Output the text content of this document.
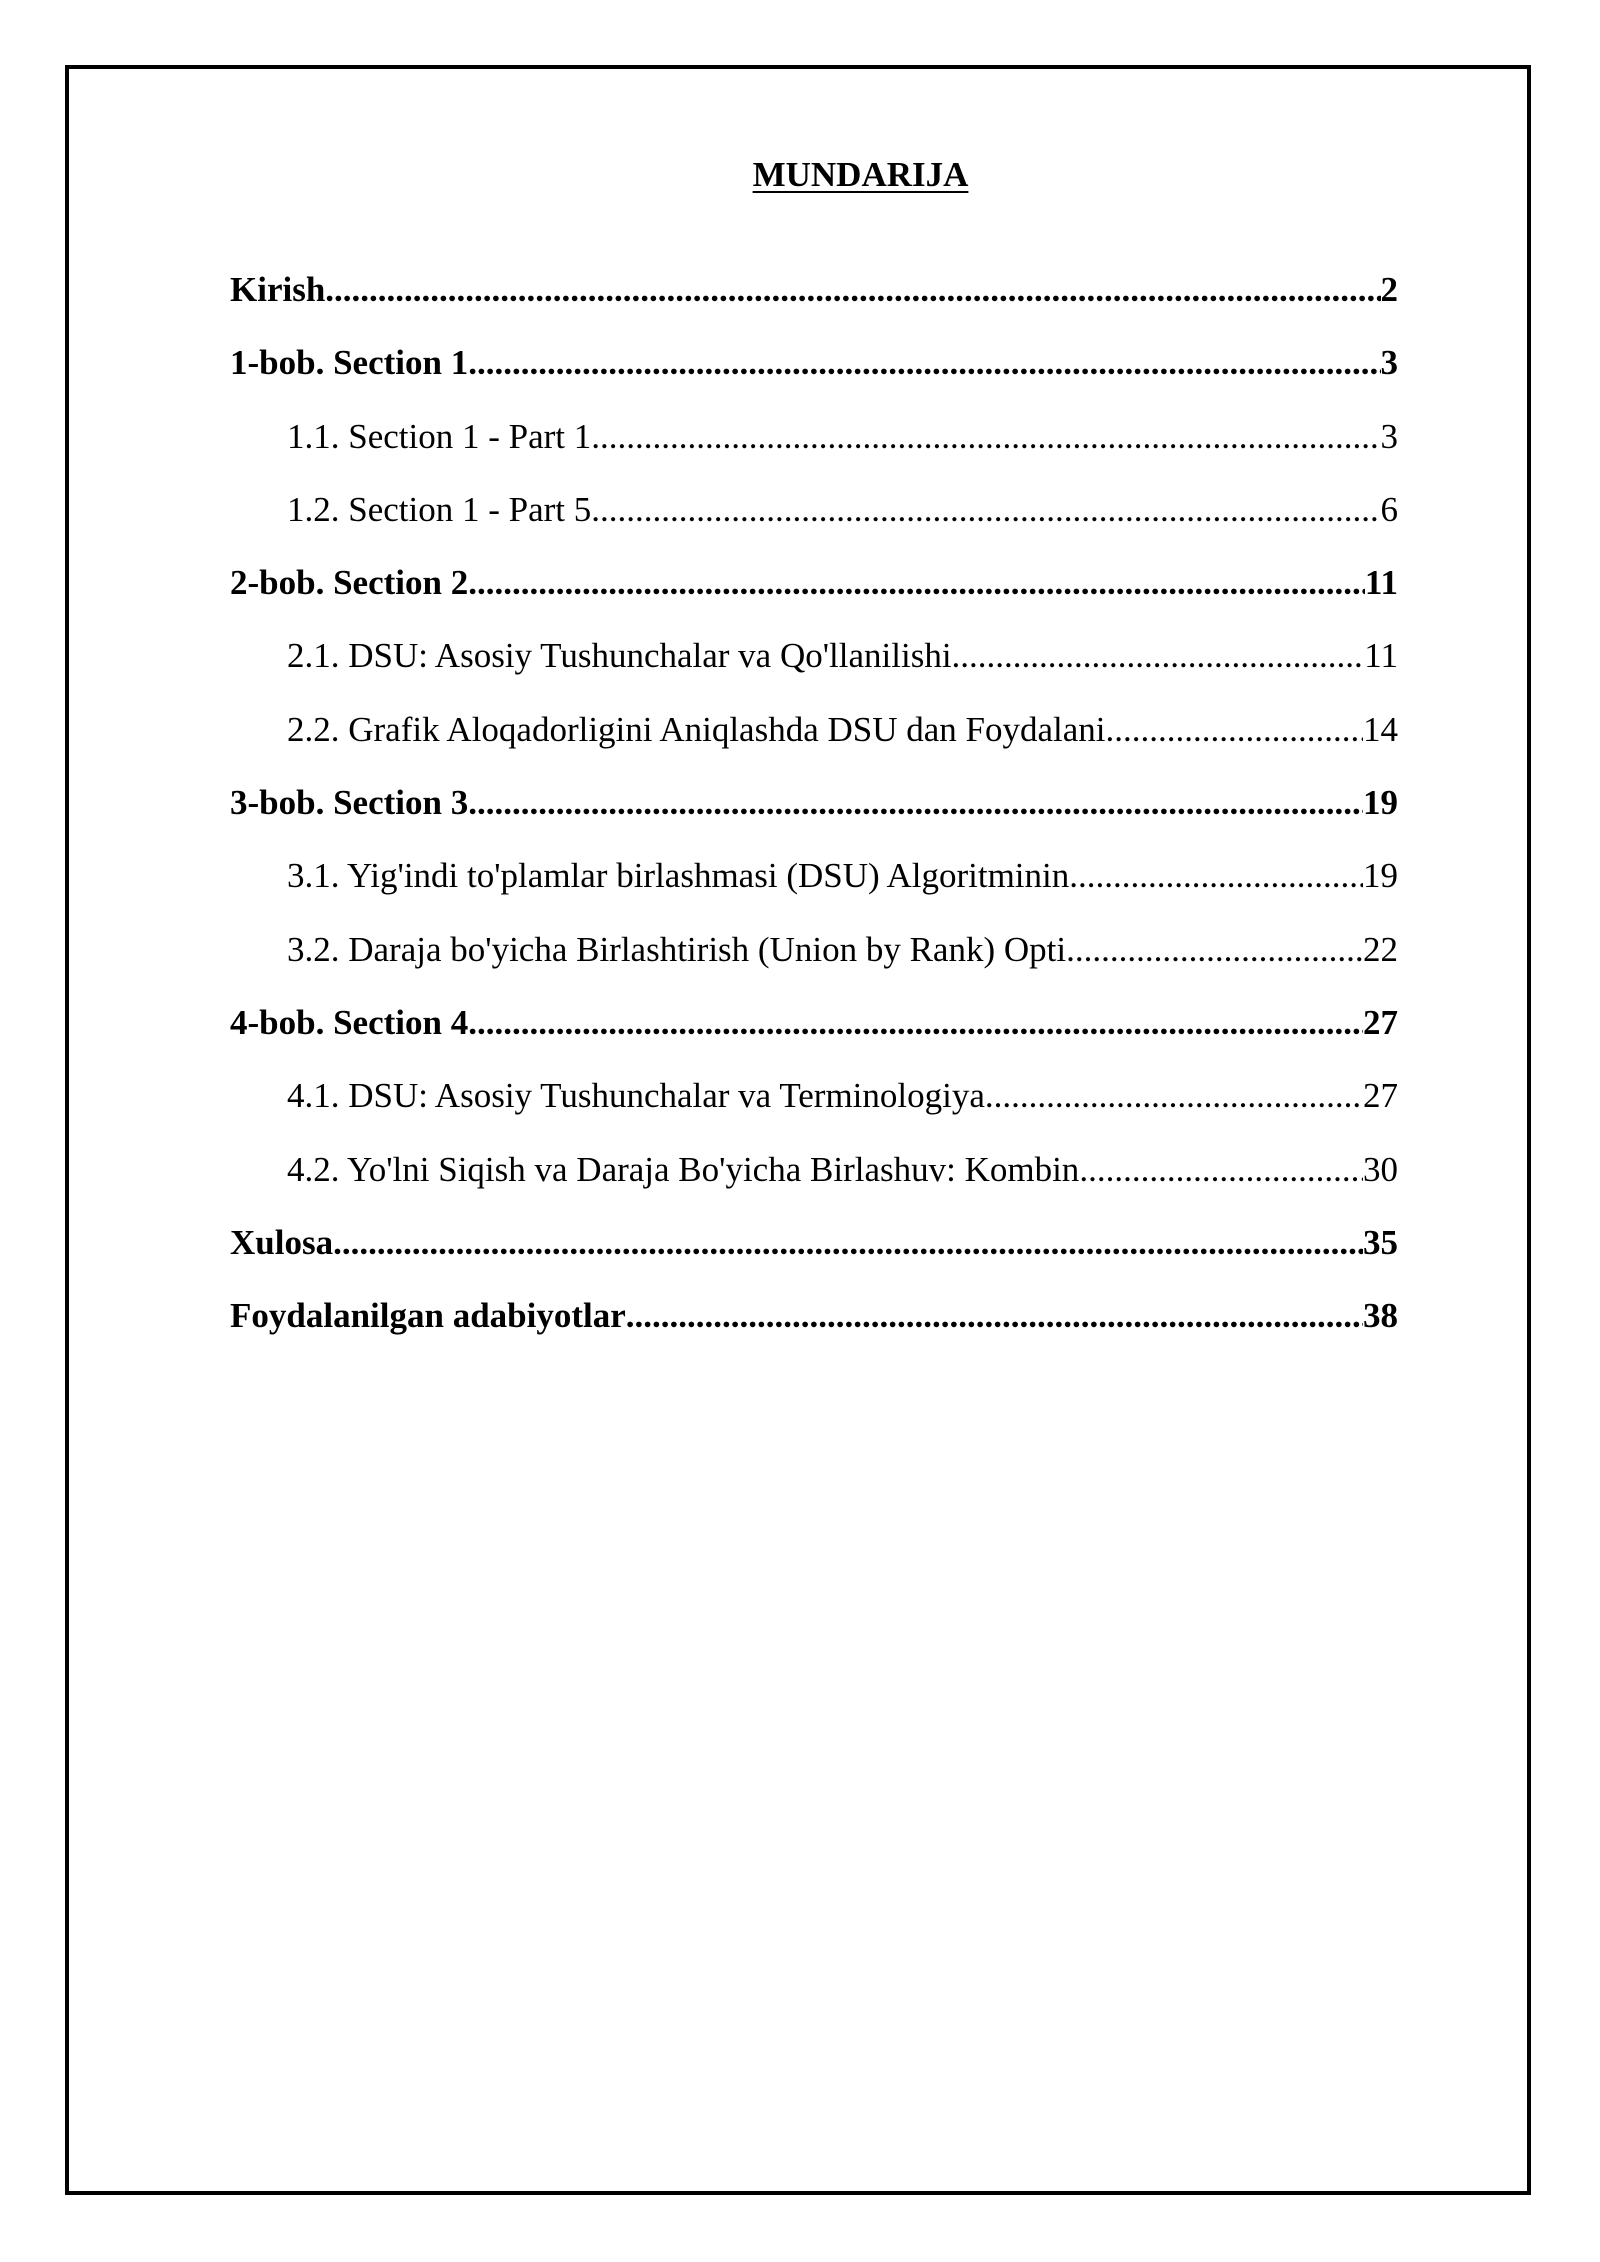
MUNDARIJA
Kirish .....	2
1-bob. Section 1 .....	3
1.1. Section 1 - Part 1 .....	3
1.2. Section 1 - Part 5 .....	6
2-bob. Section 2 .....	11
2.1. DSU: Asosiy Tushunchalar va Qo'llanilishi .....	11
2.2. Grafik Aloqadorligini Aniqlashda DSU dan Foydalani .....	14
3-bob. Section 3 .....	19
3.1. Yig'indi to'plamlar birlashmasi (DSU) Algoritminin .....	19
3.2. Daraja bo'yicha Birlashtirish (Union by Rank) Opti .....	22
4-bob. Section 4 .....	27
4.1. DSU: Asosiy Tushunchalar va Terminologiya .....	27
4.2. Yo'lni Siqish va Daraja Bo'yicha Birlashuv: Kombin .....	30
Xulosa .....	35
Foydalanilgan adabiyotlar .....	38
